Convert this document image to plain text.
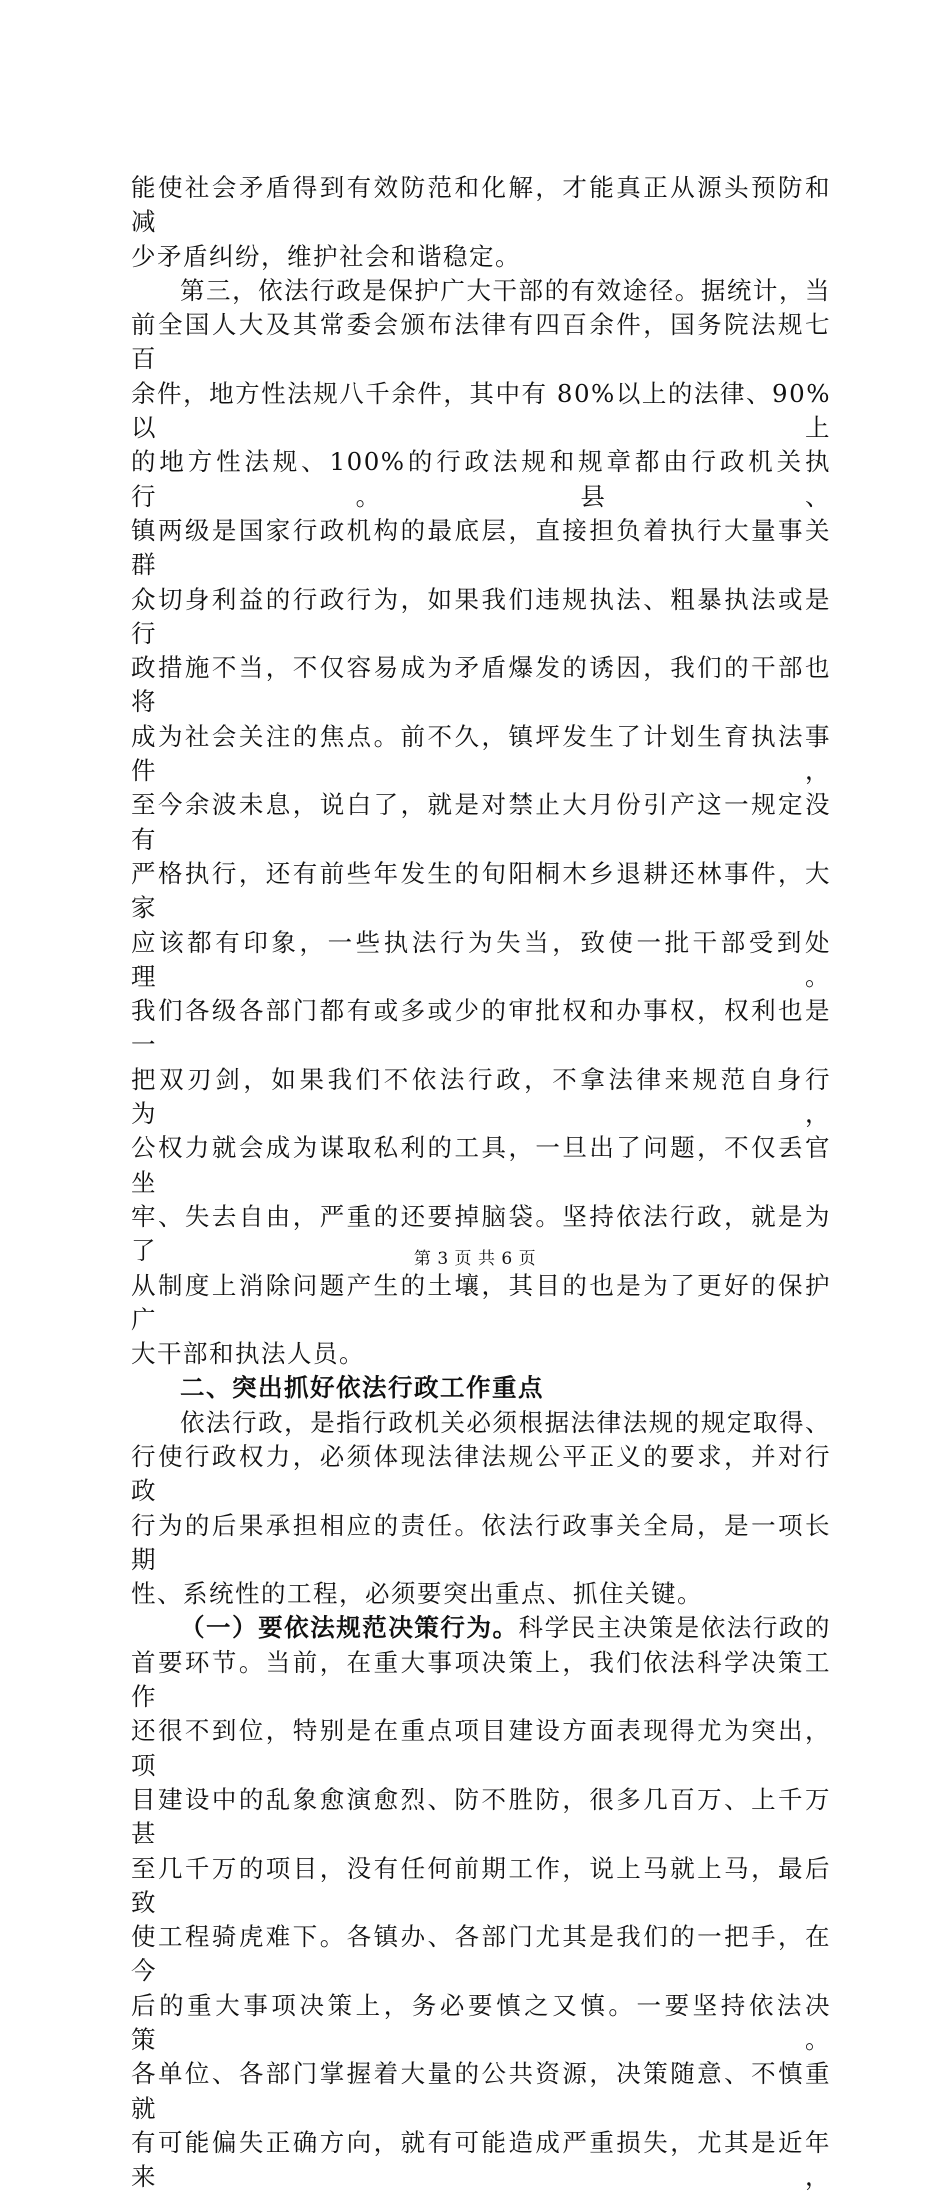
能使社会矛盾得到有效防范和化解，才能真正从源头预防和减

少矛盾纠纷，维护社会和谐稳定。

第三，依法行政是保护广大干部的有效途径。据统计，当

前全国人大及其常委会颁布法律有四百余件，国务院法规七百

余件，地方性法规八千余件，其中有 80%以上的法律、90%以上

的地方性法规、100%的行政法规和规章都由行政机关执行。县、

镇两级是国家行政机构的最底层，直接担负着执行大量事关群

众切身利益的行政行为，如果我们违规执法、粗暴执法或是行

政措施不当，不仅容易成为矛盾爆发的诱因，我们的干部也将

成为社会关注的焦点。前不久，镇坪发生了计划生育执法事件，

至今余波未息，说白了，就是对禁止大月份引产这一规定没有

严格执行，还有前些年发生的旬阳桐木乡退耕还林事件，大家

应该都有印象，一些执法行为失当，致使一批干部受到处理。

我们各级各部门都有或多或少的审批权和办事权，权利也是一

把双刃剑，如果我们不依法行政，不拿法律来规范自身行为，

公权力就会成为谋取私利的工具，一旦出了问题，不仅丢官坐

牢、失去自由，严重的还要掉脑袋。坚持依法行政，就是为了

从制度上消除问题产生的土壤，其目的也是为了更好的保护广

大干部和执法人员。

二、突出抓好依法行政工作重点

依法行政，是指行政机关必须根据法律法规的规定取得、

行使行政权力，必须体现法律法规公平正义的要求，并对行政

行为的后果承担相应的责任。依法行政事关全局，是一项长期

性、系统性的工程，必须要突出重点、抓住关键。

（一）要依法规范决策行为。科学民主决策是依法行政的

首要环节。当前，在重大事项决策上，我们依法科学决策工作

还很不到位，特别是在重点项目建设方面表现得尤为突出，项

目建设中的乱象愈演愈烈、防不胜防，很多几百万、上千万甚

至几千万的项目，没有任何前期工作，说上马就上马，最后致

使工程骑虎难下。各镇办、各部门尤其是我们的一把手，在今

后的重大事项决策上，务必要慎之又慎。一要坚持依法决策。

各单位、各部门掌握着大量的公共资源，决策随意、不慎重就

有可能偏失正确方向，就有可能造成严重损失，尤其是近年来，

第 3 页 共 6 页
